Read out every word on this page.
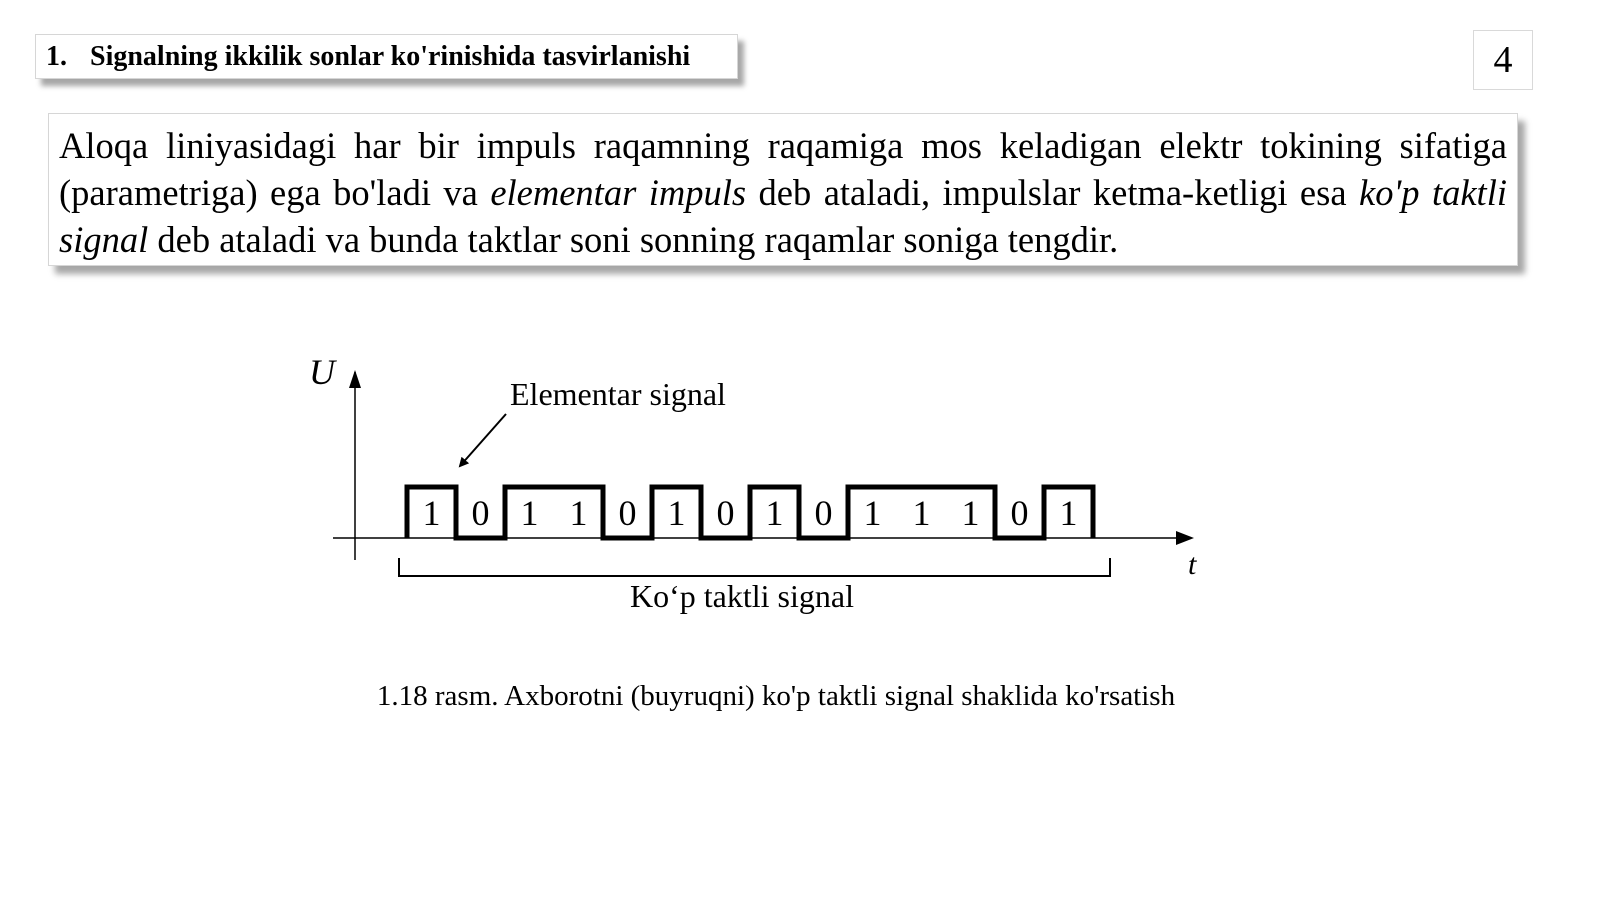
1. Signalning ikkilik sonlar ko'rinishida tasvirlanishi	4
Aloqa liniyasidagi har bir impuls raqamning raqamiga mos keladigan elektr tokining sifatiga (parametriga) ega bo'ladi va elementar impuls deb ataladi, impulslar ketma-ketligi esa ko'p taktli signal deb ataladi va bunda taktlar soni sonning raqamlar soniga tengdir.
U
t
Elementar signal
1 0 1 1 0 1 0 1 0 1 1 1 0 1
Ko‘p taktli signal
1.18 rasm. Axborotni (buyruqni) ko'p taktli signal shaklida ko'rsatish
